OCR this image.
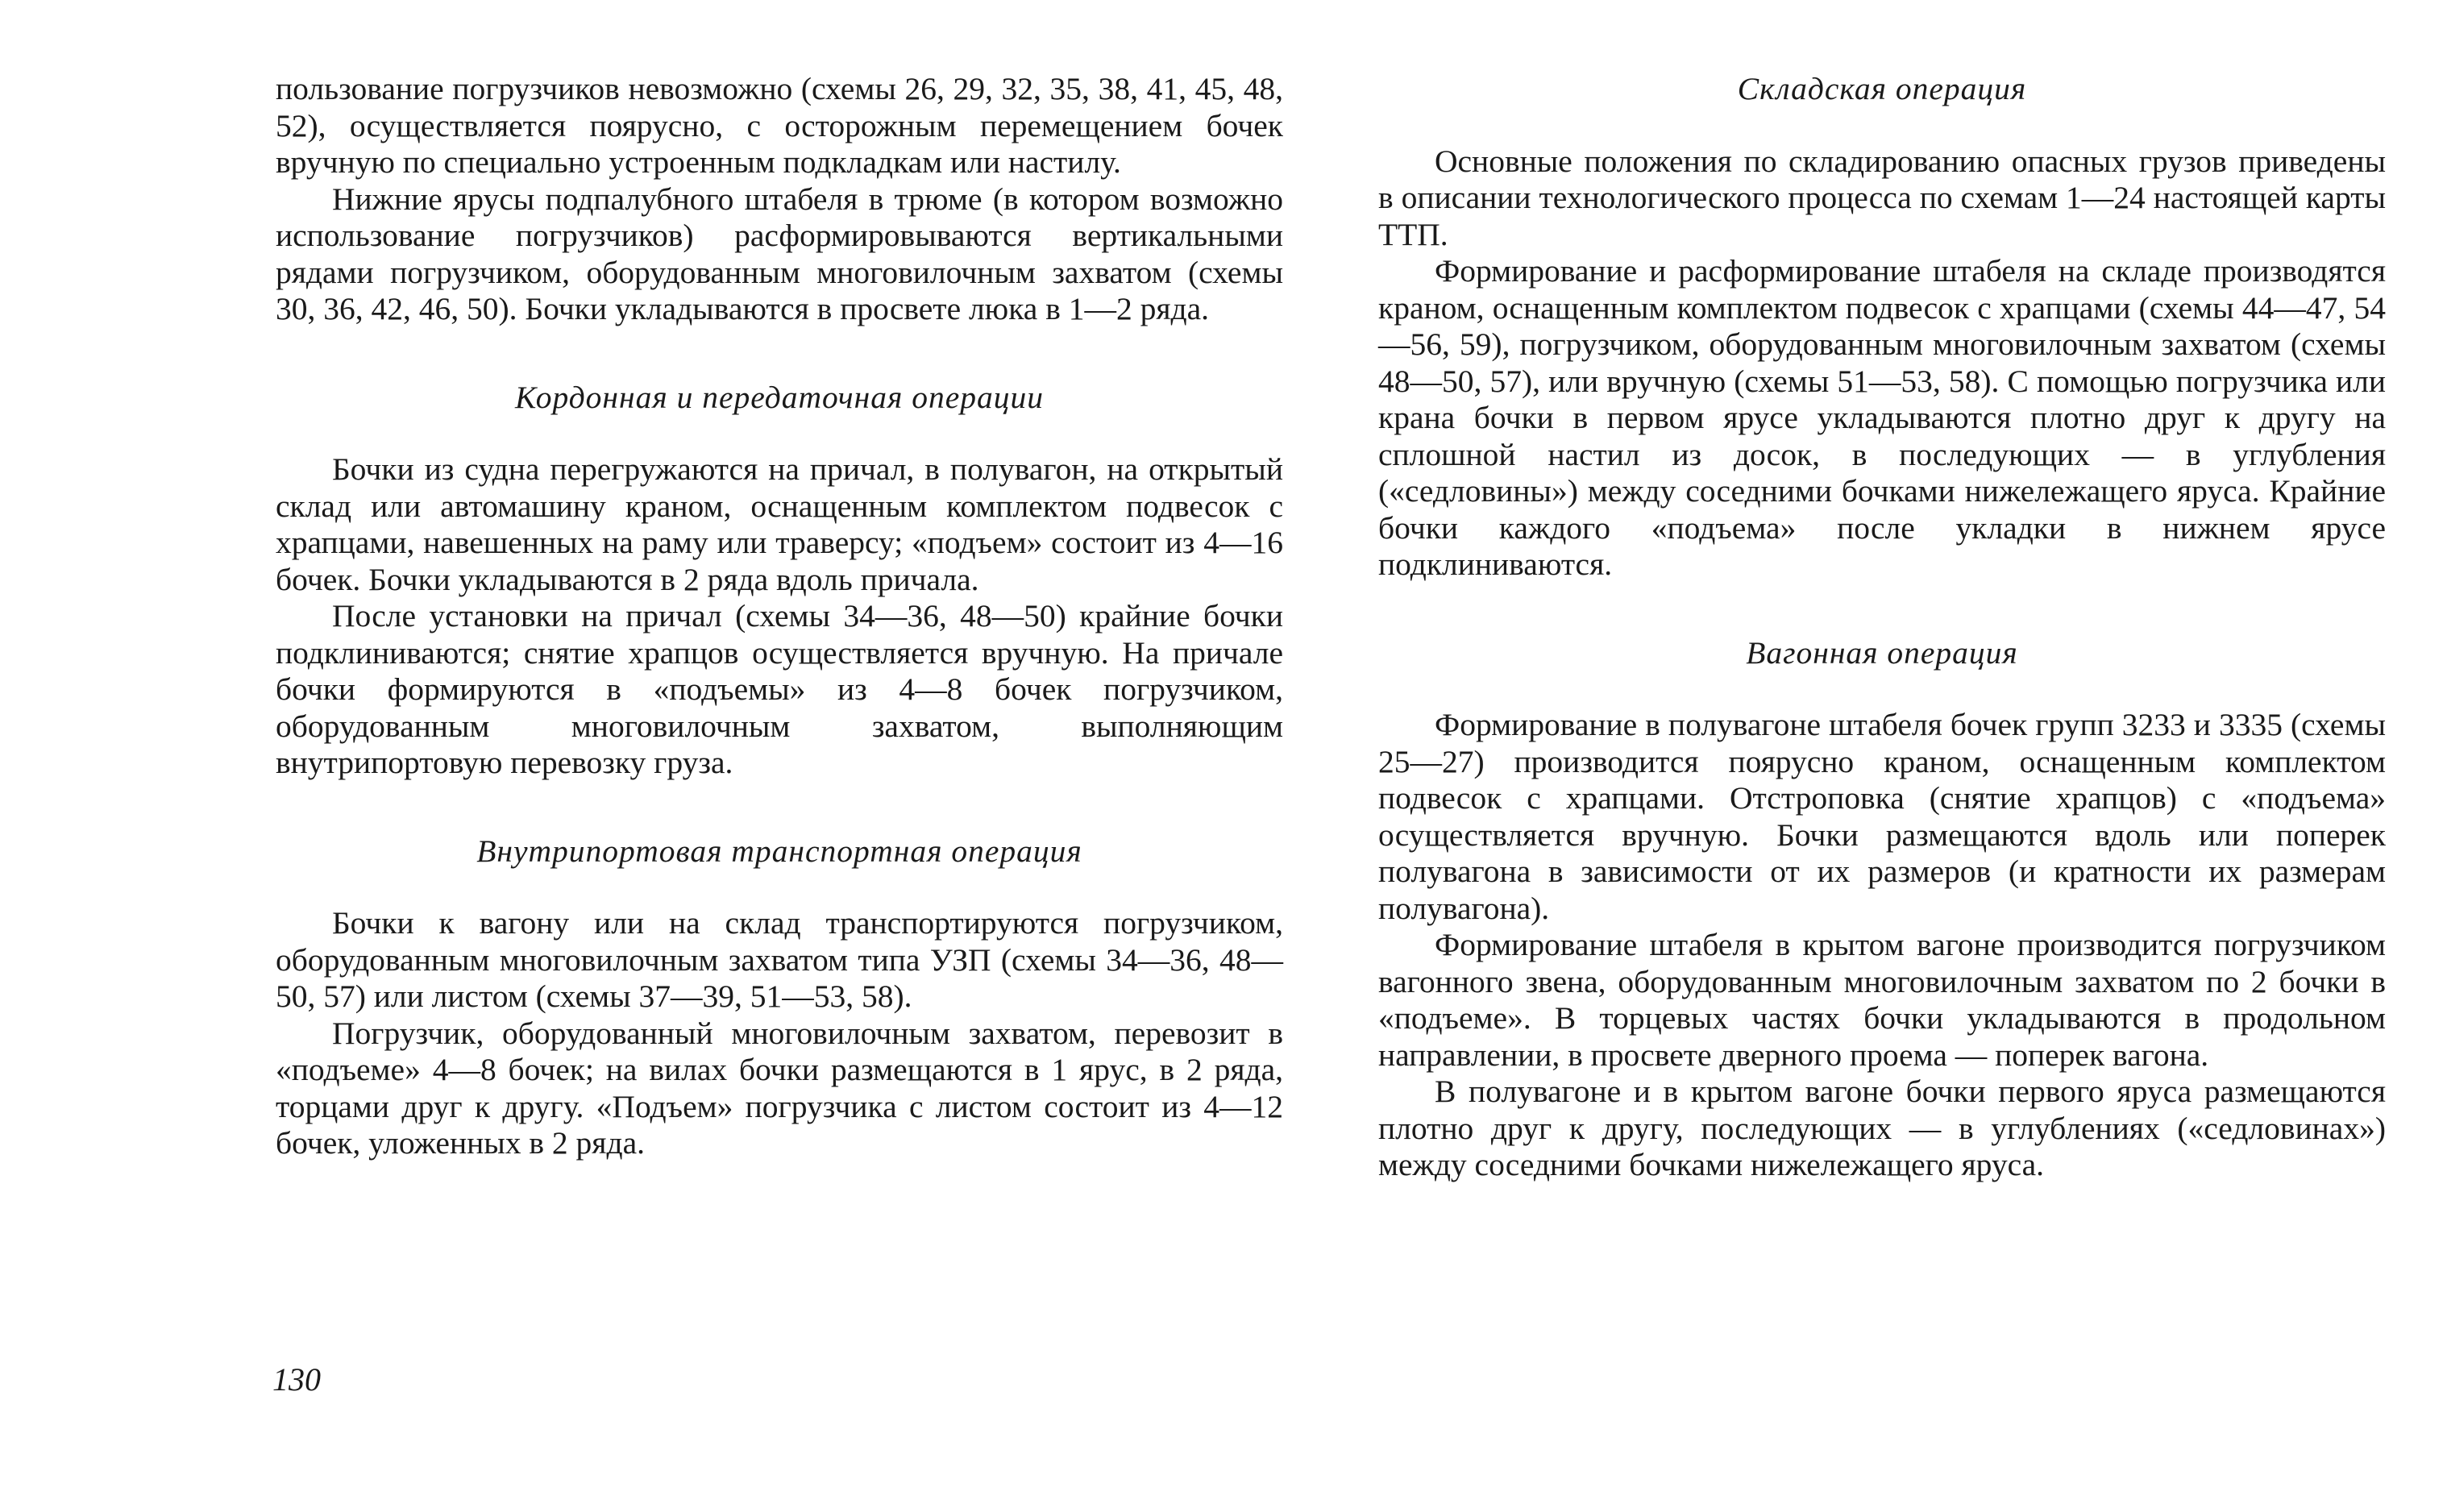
пользование погрузчиков невозможно (схемы 26, 29, 32, 35, 38, 41, 45, 48, 52), осуществляется поярусно, с осторожным перемещением бочек вручную по специально устроенным подкладкам или настилу.

Нижние ярусы подпалубного штабеля в трюме (в котором возможно использование погрузчиков) расформировываются вертикальными рядами погрузчиком, оборудованным многовилочным захватом (схемы 30, 36, 42, 46, 50). Бочки укладываются в просвете люка в 1—2 ряда.

Кордонная и передаточная операции

Бочки из судна перегружаются на причал, в полувагон, на открытый склад или автомашину краном, оснащенным комплектом подвесок с храпцами, навешенных на раму или траверсу; «подъем» состоит из 4—16 бочек. Бочки укладываются в 2 ряда вдоль причала.

После установки на причал (схемы 34—36, 48—50) крайние бочки подклиниваются; снятие храпцов осуществляется вручную. На причале бочки формируются в «подъемы» из 4—8 бочек погрузчиком, оборудованным многовилочным захватом, выполняющим внутрипортовую перевозку груза.

Внутрипортовая транспортная операция

Бочки к вагону или на склад транспортируются погрузчиком, оборудованным многовилочным захватом типа УЗП (схемы 34—36, 48—50, 57) или листом (схемы 37—39, 51—53, 58).

Погрузчик, оборудованный многовилочным захватом, перевозит в «подъеме» 4—8 бочек; на вилах бочки размещаются в 1 ярус, в 2 ряда, торцами друг к другу. «Подъем» погрузчика с листом состоит из 4—12 бочек, уложенных в 2 ряда.

Складская операция

Основные положения по складированию опасных грузов приведены в описании технологического процесса по схемам 1—24 настоящей карты ТТП.

Формирование и расформирование штабеля на складе производятся краном, оснащенным комплектом подвесок с храпцами (схемы 44—47, 54—56, 59), погрузчиком, оборудованным многовилочным захватом (схемы 48—50, 57), или вручную (схемы 51—53, 58). С помощью погрузчика или крана бочки в первом ярусе укладываются плотно друг к другу на сплошной настил из досок, в последующих — в углубления («седловины») между соседними бочками нижележащего яруса. Крайние бочки каждого «подъема» после укладки в нижнем ярусе подклиниваются.

Вагонная операция

Формирование в полувагоне штабеля бочек групп 3233 и 3335 (схемы 25—27) производится поярусно краном, оснащенным комплектом подвесок с храпцами. Отстроповка (снятие храпцов) с «подъема» осуществляется вручную. Бочки размещаются вдоль или поперек полувагона в зависимости от их размеров (и кратности их размерам полувагона).

Формирование штабеля в крытом вагоне производится погрузчиком вагонного звена, оборудованным многовилочным захватом по 2 бочки в «подъеме». В торцевых частях бочки укладываются в продольном направлении, в просвете дверного проема — поперек вагона.

В полувагоне и в крытом вагоне бочки первого яруса размещаются плотно друг к другу, последующих — в углублениях («седловинах») между соседними бочками нижележащего яруса.

130
